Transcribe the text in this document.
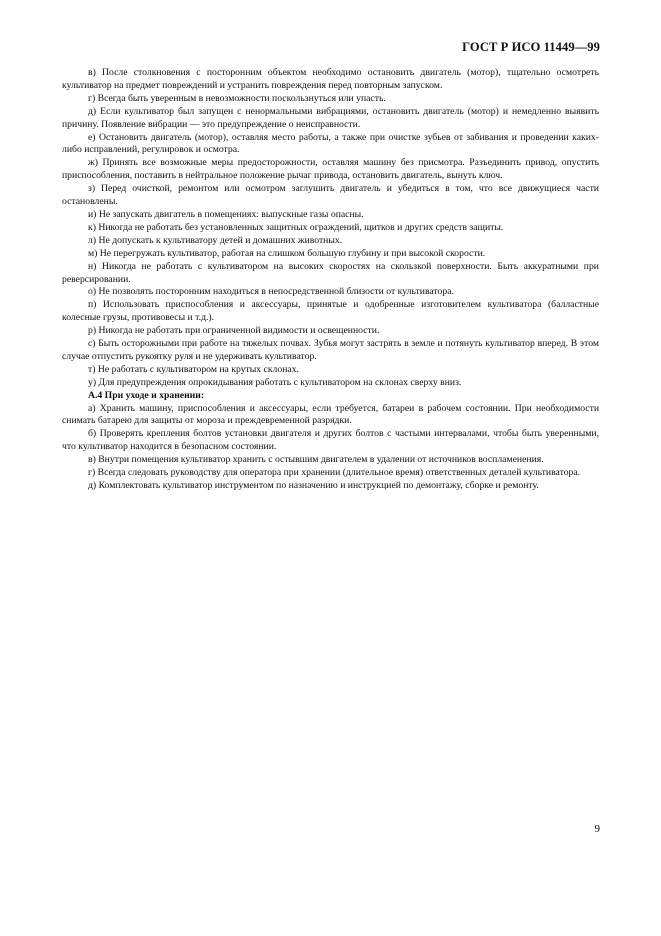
ГОСТ Р ИСО 11449—99

в) После столкновения с посторонним объектом необходимо остановить двигатель (мотор), тщательно осмотреть культиватор на предмет повреждений и устранить повреждения перед повторным запуском.

г) Всегда быть уверенным в невозможности поскользнуться или упасть.

д) Если культиватор был запущен с ненормальными вибрациями, остановить двигатель (мотор) и немедленно выявить причину. Появление вибрации — это предупреждение о неисправности.

е) Остановить двигатель (мотор), оставляя место работы, а также при очистке зубьев от забивания и проведении каких-либо исправлений, регулировок и осмотра.

ж) Принять все возможные меры предосторожности, оставляя машину без присмотра. Разъединить привод, опустить приспособления, поставить в нейтральное положение рычаг привода, остановить двигатель, вынуть ключ.

з) Перед очисткой, ремонтом или осмотром заглушить двигатель и убедиться в том, что все движущиеся части остановлены.

и) Не запускать двигатель в помещениях: выпускные газы опасны.

к) Никогда не работать без установленных защитных ограждений, щитков и других средств защиты.

л) Не допускать к культиватору детей и домашних животных.

м) Не перегружать культиватор, работая на слишком большую глубину и при высокой скорости.

н) Никогда не работать с культиватором на высоких скоростях на скользкой поверхности. Быть аккуратными при реверсировании.

о) Не позволять посторонним находиться в непосредственной близости от культиватора.

п) Использовать приспособления и аксессуары, принятые и одобренные изготовителем культиватора (балластные колесные грузы, противовесы и т.д.).

р) Никогда не работать при ограниченной видимости и освещенности.

с) Быть осторожными при работе на тяжелых почвах. Зубья могут застрять в земле и потянуть культиватор вперед. В этом случае отпустить рукоятку руля и не удерживать культиватор.

т) Не работать с культиватором на крутых склонах.

у) Для предупреждения опрокидывания работать с культиватором на склонах сверху вниз.

А.4 При уходе и хранении:

а) Хранить машину, приспособления и аксессуары, если требуется, батареи в рабочем состоянии. При необходимости снимать батарею для защиты от мороза и преждевременной разрядки.

б) Проверять крепления болтов установки двигателя и других болтов с частыми интервалами, чтобы быть уверенными, что культиватор находится в безопасном состоянии.

в) Внутри помещения культиватор хранить с остывшим двигателем в удалении от источников воспламенения.

г) Всегда следовать руководству для оператора при хранении (длительное время) ответственных деталей культиватора.

д) Комплектовать культиватор инструментом по назначению и инструкцией по демонтажу, сборке и ремонту.

9
